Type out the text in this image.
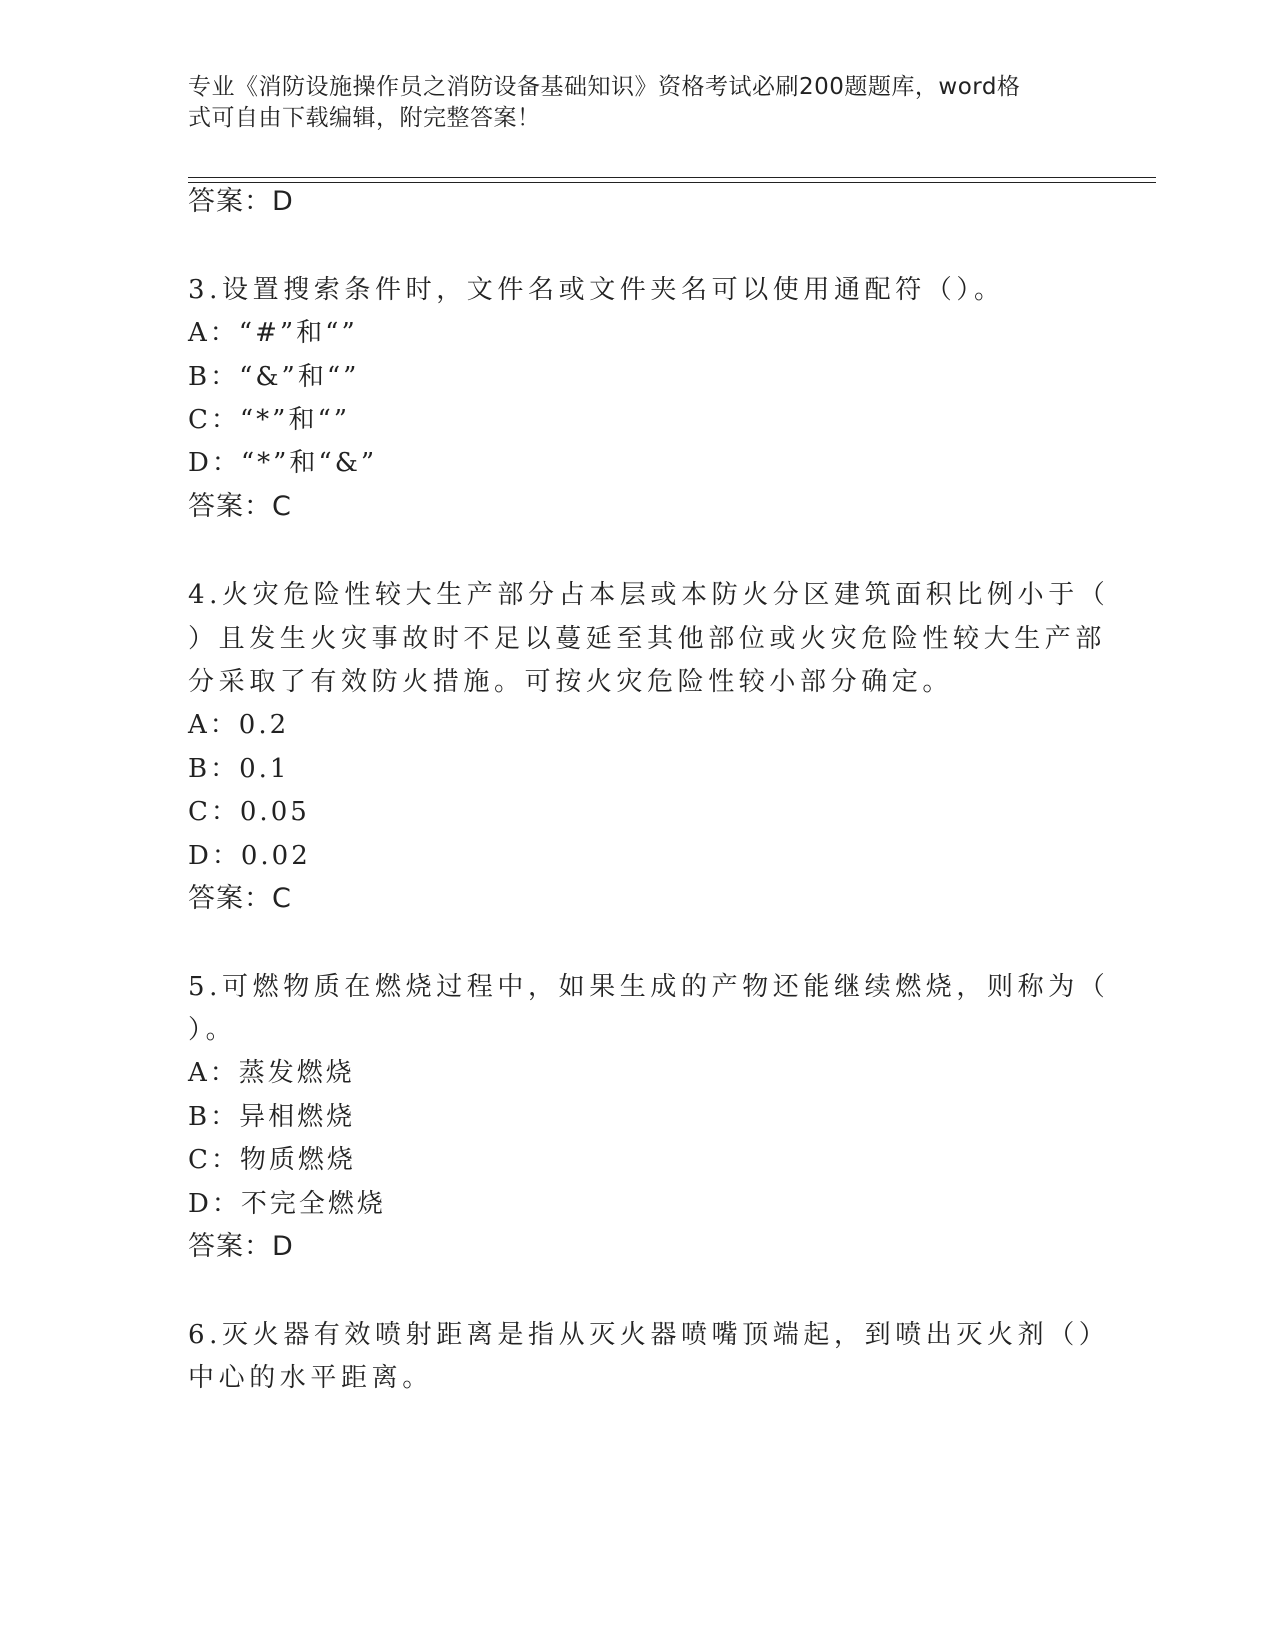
专业《消防设施操作员之消防设备基础知识》资格考试必刷200题题库，word格
式可自由下载编辑，附完整答案！
答案：D
3.设置搜索条件时，文件名或文件夹名可以使用通配符（）。
A：“#”和“”
B：“&”和“”
C：“*”和“”
D：“*”和“&”
答案：C
4.火灾危险性较大生产部分占本层或本防火分区建筑面积比例小于（
）且发生火灾事故时不足以蔓延至其他部位或火灾危险性较大生产部
分采取了有效防火措施。可按火灾危险性较小部分确定。
A：0.2
B：0.1
C：0.05
D：0.02
答案：C
5.可燃物质在燃烧过程中，如果生成的产物还能继续燃烧，则称为（
）。
A：蒸发燃烧
B：异相燃烧
C：物质燃烧
D：不完全燃烧
答案：D
6.灭火器有效喷射距离是指从灭火器喷嘴顶端起，到喷出灭火剂（）
中心的水平距离。
